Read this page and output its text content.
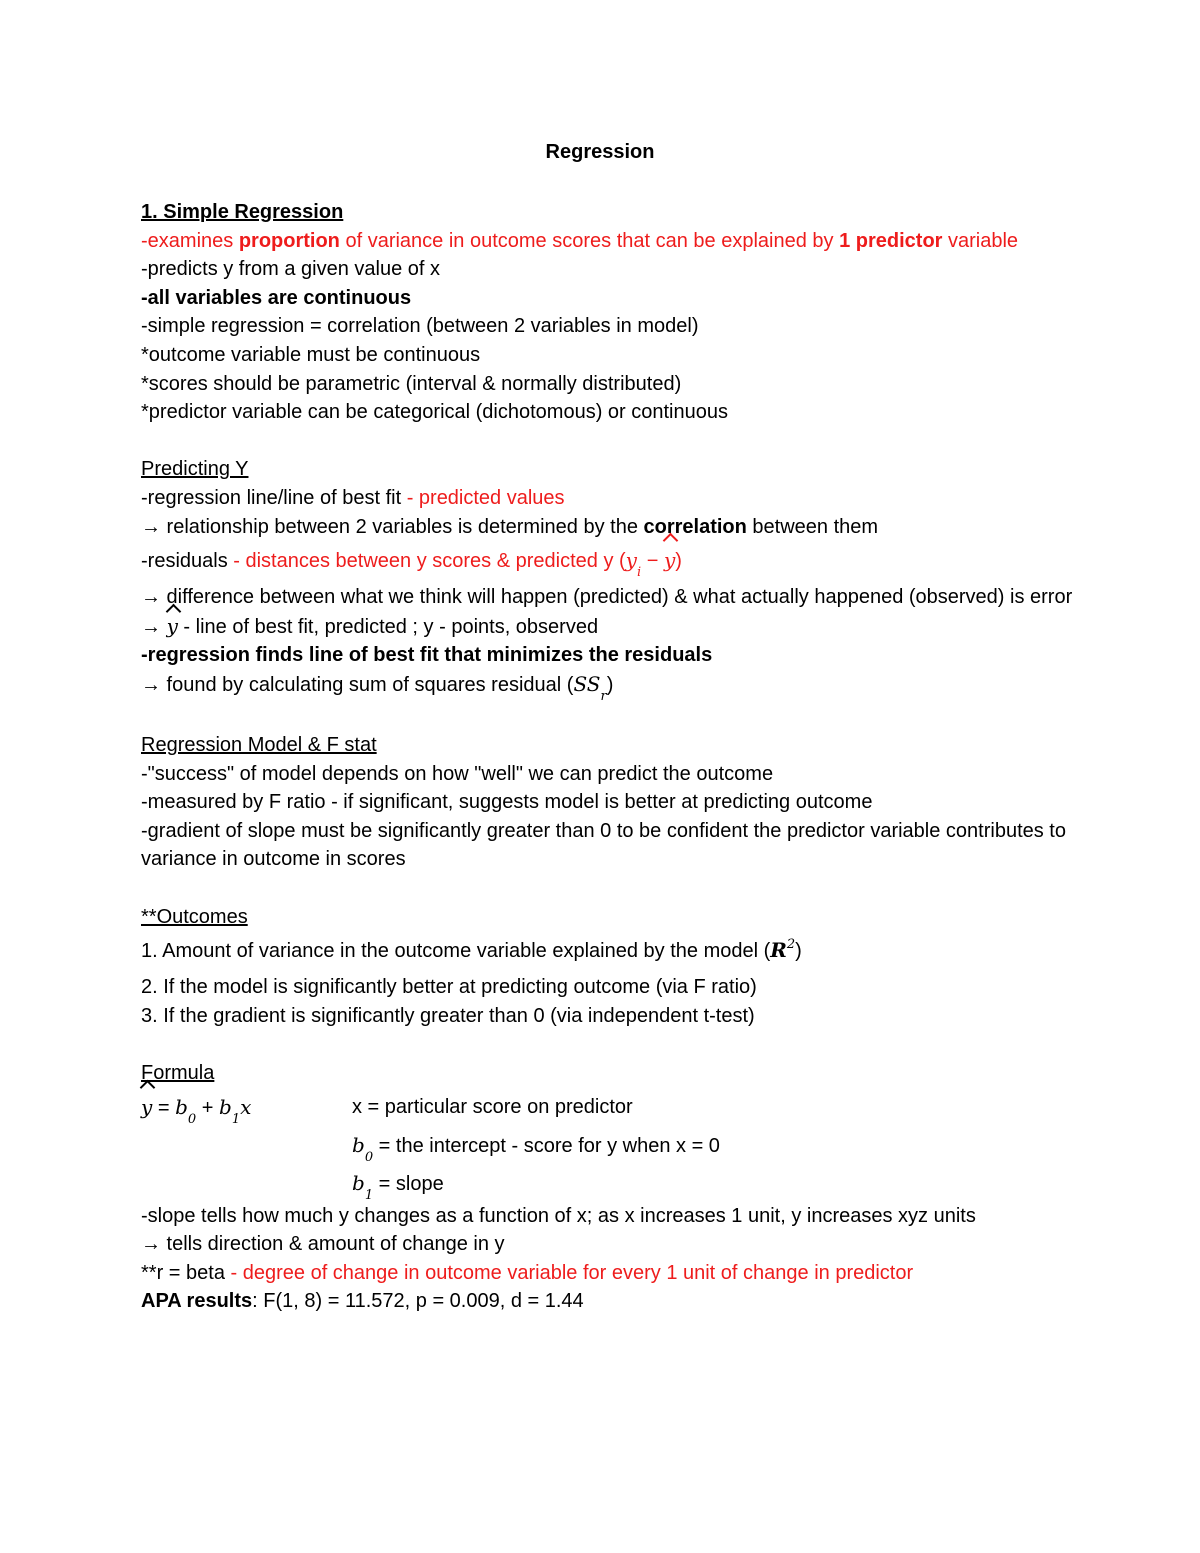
Regression
1. Simple Regression
-examines proportion of variance in outcome scores that can be explained by 1 predictor variable
-predicts y from a given value of x
-all variables are continuous
-simple regression = correlation (between 2 variables in model)
*outcome variable must be continuous
*scores should be parametric (interval & normally distributed)
*predictor variable can be categorical (dichotomous) or continuous
Predicting Y
-regression line/line of best fit - predicted values
→ relationship between 2 variables is determined by the correlation between them
-residuals - distances between y scores & predicted y $(y_i - y)$
→ difference between what we think will happen (predicted) & what actually happened (observed) is error
→ y - line of best fit, predicted ; y - points, observed
-regression finds line of best fit that minimizes the residuals
→ found by calculating sum of squares residual $(SS_r)$
Regression Model & F stat
-"success" of model depends on how "well" we can predict the outcome
-measured by F ratio - if significant, suggests model is better at predicting outcome
-gradient of slope must be significantly greater than 0 to be confident the predictor variable contributes to variance in outcome in scores
**Outcomes
1. Amount of variance in the outcome variable explained by the model $(R^2)$
2. If the model is significantly better at predicting outcome (via F ratio)
3. If the gradient is significantly greater than 0 (via independent t-test)
Formula
$y = b_0 + b_1x$	x = particular score on predictor
$b_0$ = the intercept - score for y when x = 0
$b_1$ = slope
-slope tells how much y changes as a function of x; as x increases 1 unit, y increases xyz units
→ tells direction & amount of change in y
**r = beta - degree of change in outcome variable for every 1 unit of change in predictor
APA results: F(1, 8) = 11.572, p = 0.009, d = 1.44
